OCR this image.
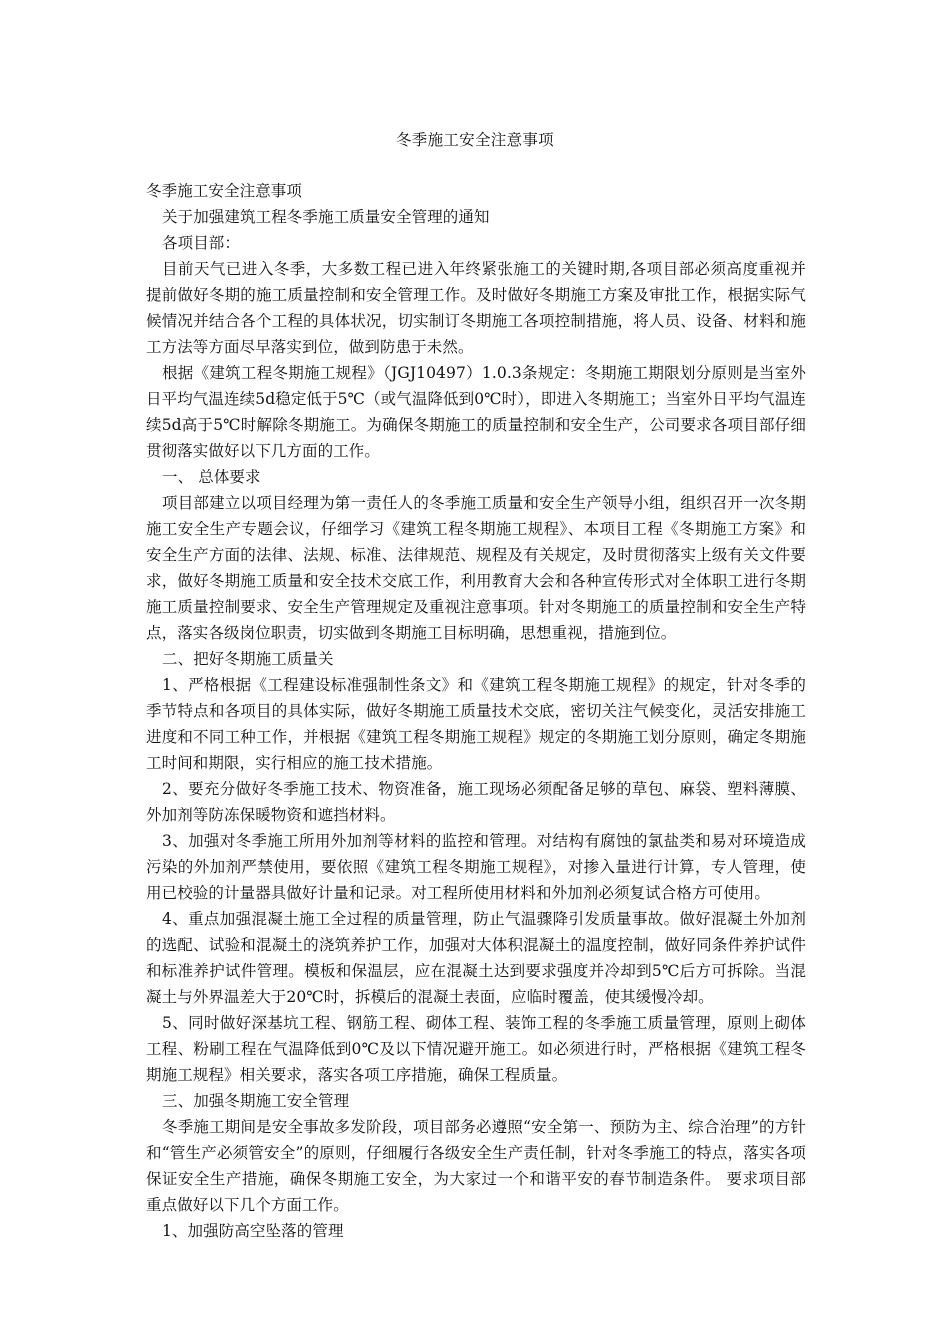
冬季施工安全注意事项

冬季施工安全注意事项

关于加强建筑工程冬季施工质量安全管理的通知

各项目部：

目前天气已进入冬季，大多数工程已进入年终紧张施工的关键时期,各项目部必须高度重视并提前做好冬期的施工质量控制和安全管理工作。及时做好冬期施工方案及审批工作，根据实际气候情况并结合各个工程的具体状况，切实制订冬期施工各项控制措施，将人员、设备、材料和施工方法等方面尽早落实到位，做到防患于未然。

根据《建筑工程冬期施工规程》（JGJ10497）1.0.3条规定：冬期施工期限划分原则是当室外日平均气温连续5d稳定低于5℃（或气温降低到0℃时），即进入冬期施工；当室外日平均气温连续5d高于5℃时解除冬期施工。为确保冬期施工的质量控制和安全生产，公司要求各项目部仔细贯彻落实做好以下几方面的工作。

一、 总体要求

项目部建立以项目经理为第一责任人的冬季施工质量和安全生产领导小组，组织召开一次冬期施工安全生产专题会议，仔细学习《建筑工程冬期施工规程》、本项目工程《冬期施工方案》和安全生产方面的法律、法规、标准、法律规范、规程及有关规定，及时贯彻落实上级有关文件要求，做好冬期施工质量和安全技术交底工作，利用教育大会和各种宣传形式对全体职工进行冬期施工质量控制要求、安全生产管理规定及重视注意事项。针对冬期施工的质量控制和安全生产特点，落实各级岗位职责，切实做到冬期施工目标明确，思想重视，措施到位。

二、把好冬期施工质量关

1、严格根据《工程建设标准强制性条文》和《建筑工程冬期施工规程》的规定，针对冬季的季节特点和各项目的具体实际，做好冬期施工质量技术交底，密切关注气候变化，灵活安排施工进度和不同工种工作，并根据《建筑工程冬期施工规程》规定的冬期施工划分原则，确定冬期施工时间和期限，实行相应的施工技术措施。

2、要充分做好冬季施工技术、物资准备，施工现场必须配备足够的草包、麻袋、塑料薄膜、外加剂等防冻保暖物资和遮挡材料。

3、加强对冬季施工所用外加剂等材料的监控和管理。对结构有腐蚀的氯盐类和易对环境造成污染的外加剂严禁使用，要依照《建筑工程冬期施工规程》，对掺入量进行计算，专人管理，使用已校验的计量器具做好计量和记录。对工程所使用材料和外加剂必须复试合格方可使用。

4、重点加强混凝土施工全过程的质量管理，防止气温骤降引发质量事故。做好混凝土外加剂的选配、试验和混凝土的浇筑养护工作，加强对大体积混凝土的温度控制，做好同条件养护试件和标准养护试件管理。模板和保温层，应在混凝土达到要求强度并冷却到5℃后方可拆除。当混凝土与外界温差大于20℃时，拆模后的混凝土表面，应临时覆盖，使其缓慢冷却。

5、同时做好深基坑工程、钢筋工程、砌体工程、装饰工程的冬季施工质量管理，原则上砌体工程、粉刷工程在气温降低到0℃及以下情况避开施工。如必须进行时，严格根据《建筑工程冬期施工规程》相关要求，落实各项工序措施，确保工程质量。

三、加强冬期施工安全管理

冬季施工期间是安全事故多发阶段，项目部务必遵照“安全第一、预防为主、综合治理”的方针和“管生产必须管安全”的原则，仔细履行各级安全生产责任制，针对冬季施工的特点，落实各项保证安全生产措施，确保冬期施工安全，为大家过一个和谐平安的春节制造条件。 要求项目部重点做好以下几个方面工作。

1、加强防高空坠落的管理
